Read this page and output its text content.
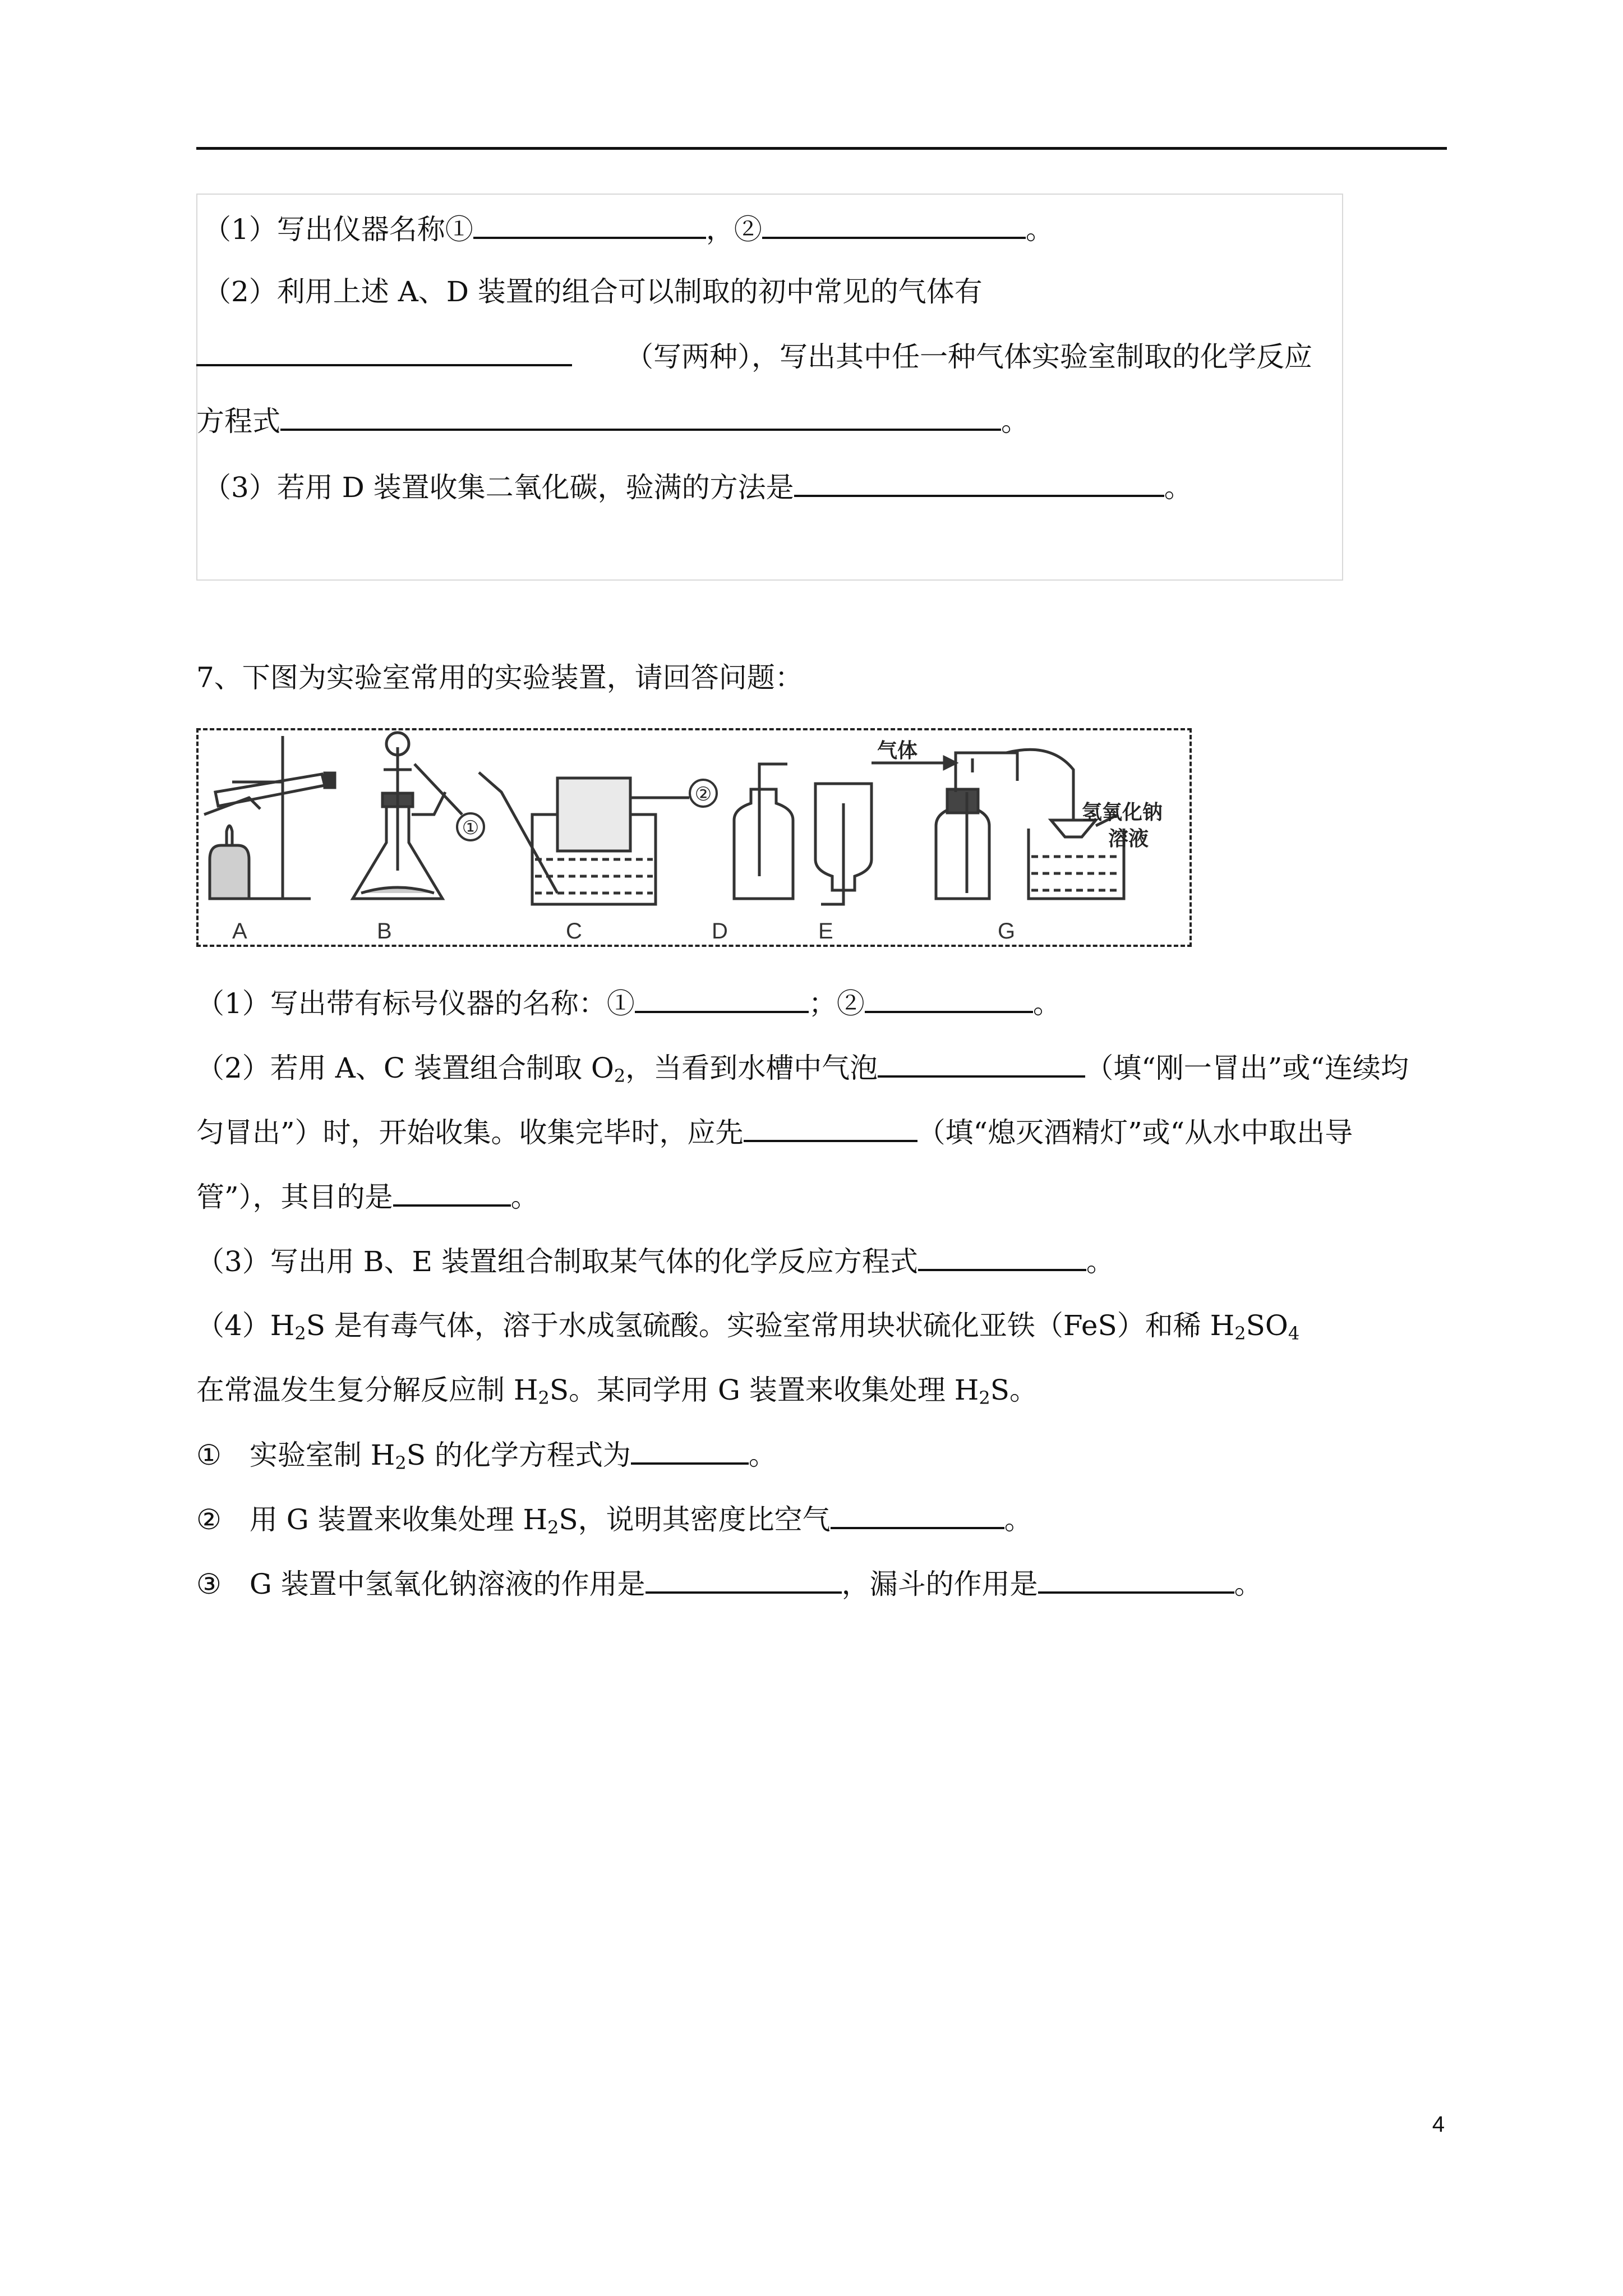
（1）写出仪器名称①	，②	。
（2）利用上述 A、D 装置的组合可以制取的初中常见的气体有
（写两种），写出其中任一种气体实验室制取的化学反应
方程式	。
（3）若用 D 装置收集二氧化碳，验满的方法是	。
7、下图为实验室常用的实验装置，请回答问题：
①
②
气体
氢氧化钠
溶液
A	B	C	D	E	G
（1）写出带有标号仪器的名称：①	；②	。
（2）若用 A、C 装置组合制取 $O_2$，当看到水槽中气泡	（填“刚一冒出”或“连续均
匀冒出”）时，开始收集。收集完毕时，应先	（填“熄灭酒精灯”或“从水中取出导
管”），其目的是	。
（3）写出用 B、E 装置组合制取某气体的化学反应方程式	。
$(4)H_2S$ 是有毒气体，溶于水成氢硫酸。实验室常用块状硫化亚铁（FeS）和稀 $H_2SO_4$
在常温发生复分解反应制 $H_2S$。某同学用 G 装置来收集处理 $H_2S$。
① 实验室制 $H_2S$ 的化学方程式为	。
② 用 G 装置来收集处理 $H_2S$，说明其密度比空气	。
③ G 装置中氢氧化钠溶液的作用是	，漏斗的作用是	。
4
